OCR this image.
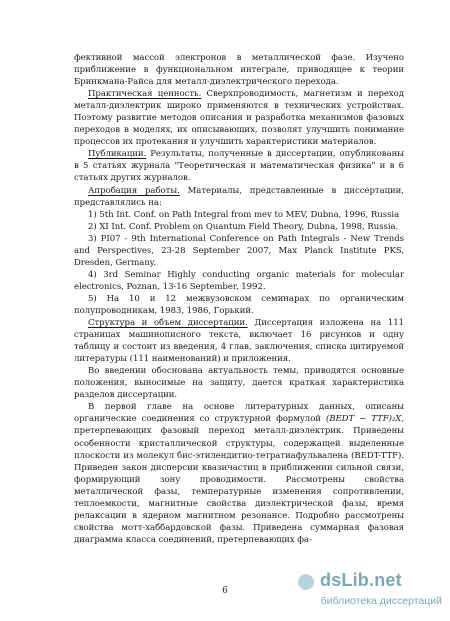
фективной массой электронов в металлической фазе. Изучено приближение в функциональном интеграле, приводящее к теории Бринкмана-Райса для металл-диэлектрического перехода.

Практическая ценность. Сверхпроводимость, магнетизм и переход металл-диэлектрик широко применяются в технических устройствах. Поэтому развитие методов описания и разработка механизмов фазовых переходов в моделях, их описывающих, позволят улучшить понимание процессов их протекания и улучшить характеристики материалов.

Публикации. Результаты, полученные в диссертации, опубликованы в 5 статьях журнала "Теоретическая и математическая физика" и в 6 статьях других журналов.

Апробация работы. Материалы, представленные в диссертации, представлялись на:

1) 5th Int. Conf. on Path Integral from mev to MEV, Dubna, 1996, Russia

2) XI Int. Conf. Problem on Quantum Field Theory, Dubna, 1998, Russia.

3) PI07 - 9th International Conference on Path Integrals - New Trends and Perspectives, 23-28 September 2007, Max Planck Institute PKS, Dresden, Germany.

4) 3rd Seminar Highly conducting organic materials for molecular electronics, Poznan, 13-16 September, 1992.

5) На 10 и 12 межвузовском семинарах по органическим полупроводникам, 1983, 1986, Горький.

Структура и объем диссертации. Диссертация изложена на 111 страницах машинописного текста, включает 16 рисунков и одну таблицу и состоит из введения, 4 глав, заключения, списка цитируемой литературы (111 наименований) и приложения.

Во введении обоснована актуальность темы, приводятся основные положения, выносимые на защиту, дается краткая характеристика разделов диссертации.

В первой главе на основе литературных данных, описаны органические соединения со структурной формулой (BEDT − TTF)₂X, претерпевающих фазовый переход металл-диэлектрик. Приведены особенности кристаллической структуры, содержащей выделенные плоскости из молекул бис-этилендитио-тетратиафульвалена (BEDT-TTF). Приведен закон дисперсии квазичастиц в приближении сильной связи, формирующий зону проводимости. Рассмотрены свойства металлической фазы, температурные изменения сопротивлении, теплоемкости, магнитные свойства диэлектрической фазы, время релаксации в ядерном магнитном резонансе. Подробно рассмотрены свойства мотт-хаббардовской фазы. Приведена суммарная фазовая диаграмма класса соединений, претерпевающих фа-

6
dsLib.net
библиотека диссертаций
